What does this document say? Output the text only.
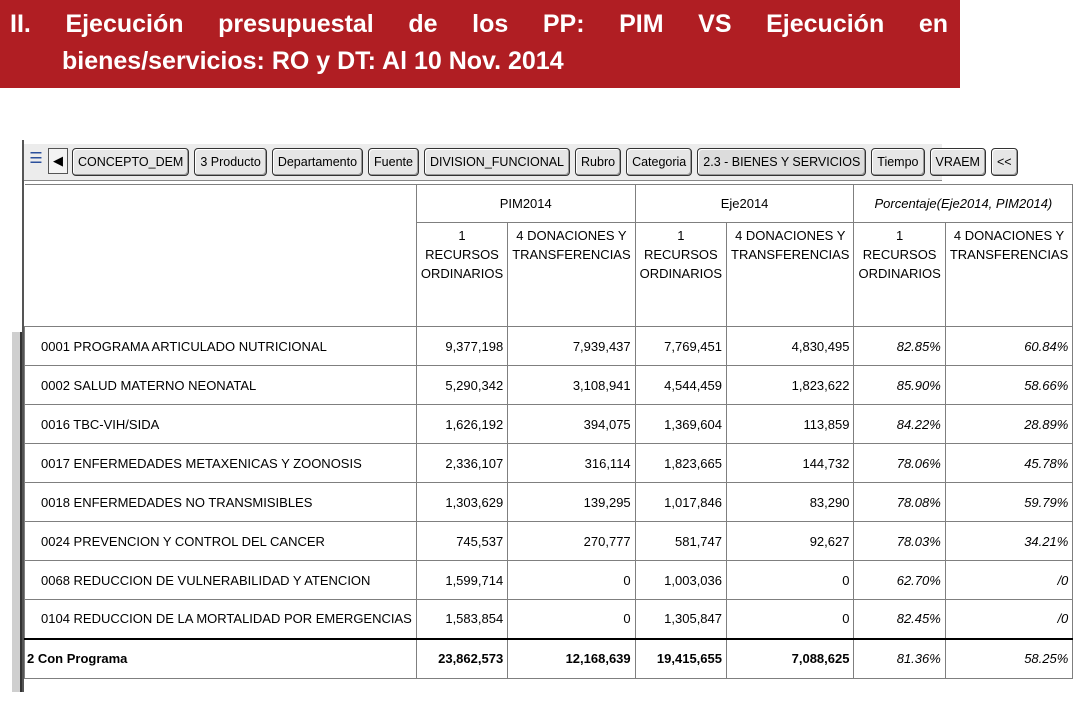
II. Ejecución presupuestal de los PP: PIM VS Ejecución en
bienes/servicios: RO y DT: Al 10 Nov. 2014
☰ ◀	CONCEPTO_DEM	3 Producto	Departamento	Fuente	DIVISION_FUNCIONAL	Rubro	Categoria	2.3 - BIENES Y SERVICIOS	Tiempo	VRAEM	<<
	PIM2014		Eje2014		Porcentaje(Eje2014, PIM2014)	
	1 RECURSOS ORDINARIOS	4 DONACIONES Y TRANSFERENCIAS	1 RECURSOS ORDINARIOS	4 DONACIONES Y TRANSFERENCIAS	1 RECURSOS ORDINARIOS	4 DONACIONES Y TRANSFERENCIAS
0001 PROGRAMA ARTICULADO NUTRICIONAL	9,377,198	7,939,437	7,769,451	4,830,495	82.85%	60.84%
0002 SALUD MATERNO NEONATAL	5,290,342	3,108,941	4,544,459	1,823,622	85.90%	58.66%
0016 TBC-VIH/SIDA	1,626,192	394,075	1,369,604	113,859	84.22%	28.89%
0017 ENFERMEDADES METAXENICAS Y ZOONOSIS	2,336,107	316,114	1,823,665	144,732	78.06%	45.78%
0018 ENFERMEDADES NO TRANSMISIBLES	1,303,629	139,295	1,017,846	83,290	78.08%	59.79%
0024 PREVENCION Y CONTROL DEL CANCER	745,537	270,777	581,747	92,627	78.03%	34.21%
0068 REDUCCION DE VULNERABILIDAD Y ATENCION	1,599,714	0	1,003,036	0	62.70%	/0
0104 REDUCCION DE LA MORTALIDAD POR EMERGENCIAS	1,583,854	0	1,305,847	0	82.45%	/0
2 Con Programa	23,862,573	12,168,639	19,415,655	7,088,625	81.36%	58.25%
